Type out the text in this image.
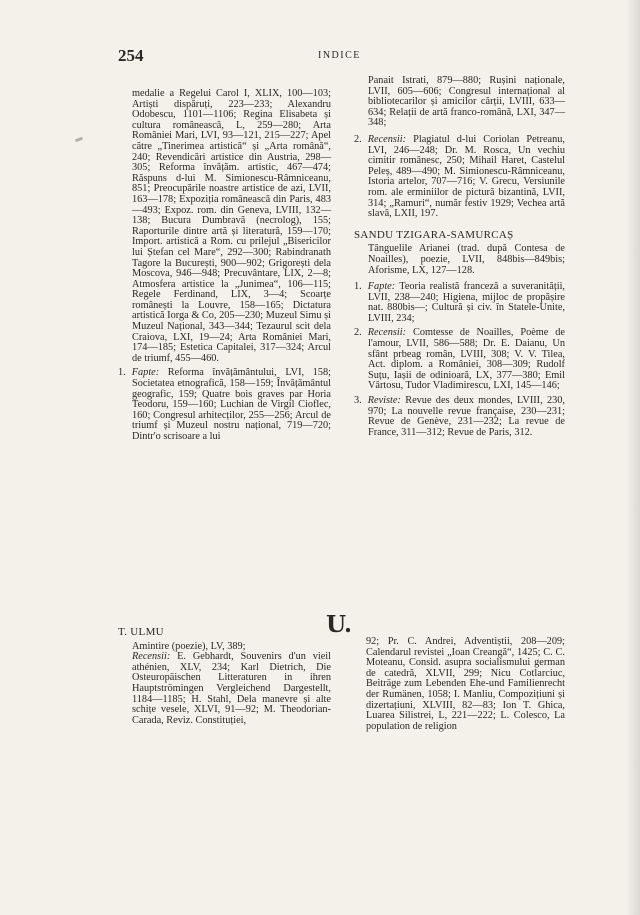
254	INDICE

medalie a Regelui Carol I, XLIX, 100—103; Artiști dispăruți, 223—233; Alexandru Odobescu, 1101—1106; Regina Elisabeta și cultura românească, L, 259—280; Arta României Mari, LVI, 93—121, 215—227; Apel către „Tinerimea artistică“ și „Arta română“, 240; Revendicări artistice din Austria, 298—305; Reforma învățăm. artistic, 467—474; Răspuns d-lui M. Simionescu-Râmniceanu, 851; Preocupările noastre artistice de azi, LVII, 163—178; Expoziția românească din Paris, 483—493; Expoz. rom. din Geneva, LVIII, 132—138; Bucura Dumbravă (necrolog), 155; Raporturile dintre artă și literatură, 159—170; Import. artistică a Rom. cu prilejul „Bisericilor lui Ștefan cel Mare“, 292—300; Rabindranath Tagore la București, 900—902; Grigorești dela Moscova, 946—948; Precuvântare, LIX, 2—8; Atmosfera artistice la „Junimea“, 106—115; Regele Ferdinand, LIX, 3—4; Scoarțe românești la Louvre, 158—165; Dictatura artistică Iorga & Co, 205—230; Muzeul Simu și Muzeul Național, 343—344; Tezaurul scit dela Craiova, LXI, 19—24; Arta României Mari, 174—185; Estetica Capitalei, 317—324; Arcul de triumf, 455—460.

1. Fapte: Reforma învățământului, LVI, 158; Societatea etnografică, 158—159; Învățământul geografic, 159; Quatre bois graves par Horia Teodoru, 159—160; Luchian de Virgil Cioflec, 160; Congresul arhitecților, 255—256; Arcul de triumf și Muzeul nostru național, 719—720; Dintr'o scrisoare a lui

Panait Istrati, 879—880; Rușini naționale, LVII, 605—606; Congresul internațional al bibliotecarilor și amicilor cărții, LVIII, 633—634; Relații de artă franco-română, LXI, 347—348;

2. Recensii: Plagiatul d-lui Coriolan Petreanu, LVI, 246—248; Dr. M. Rosca, Un vechiu cimitir românesc, 250; Mihail Haret, Castelul Peleș, 489—490; M. Simionescu-Râmniceanu, Istoria artelor, 707—716; V. Grecu, Versiunile rom. ale erminiilor de pictură bizantină, LVII, 314; „Ramuri“, număr festiv 1929; Vechea artă slavă, LXII, 197.

SANDU TZIGARA-SAMURCAȘ

Tânguelile Arianei (trad. după Contesa de Noailles), poezie, LVII, 848bis—849bis; Aforisme, LX, 127—128.

1. Fapte: Teoria realistă franceză a suveranității, LVII, 238—240; Higiena, mijloc de propășire nat. 880bis—; Cultură și civ. în Statele-Unite, LVIII, 234;

2. Recensii: Comtesse de Noailles, Poème de l'amour, LVII, 586—588; Dr. E. Daianu, Un sfânt prbeag român, LVIII, 308; V. V. Tilea, Act. diplom. a României, 308—309; Rudolf Suțu, Iașii de odinioară, LX, 377—380; Emil Vârtosu, Tudor Vladimirescu, LXI, 145—146;

3. Reviste: Revue des deux mondes, LVIII, 230, 970; La nouvelle revue française, 230—231; Revue de Genève, 231—232; La revue de France, 311—312; Revue de Paris, 312.

U.

T. ULMU

Amintire (poezie), LV, 389;

Recensii: E. Gebhardt, Souvenirs d'un vieil athénien, XLV, 234; Karl Dietrich, Die Osteuropäischen Litteraturen in ihren Hauptströmingen Vergleichend Dargestellt, 1184—1185; H. Stahl, Dela manevre și alte schițe vesele, XLVI, 91—92; M. Theodorian-Carada, Reviz. Constituției,

92; Pr. C. Andrei, Adventiștii, 208—209; Calendarul revistei „Ioan Creangă“, 1425; C. C. Moteanu, Consid. asupra socialismului german de catedră, XLVII, 299; Nicu Cotlarciuc, Beiträge zum Lebenden Ehe-und Familienrecht der Rumänen, 1058; I. Manliu, Compozițiuni și dizertațiuni, XLVIII, 82—83; Ion T. Ghica, Luarea Silistrei, L, 221—222; L. Colesco, La population de religion
